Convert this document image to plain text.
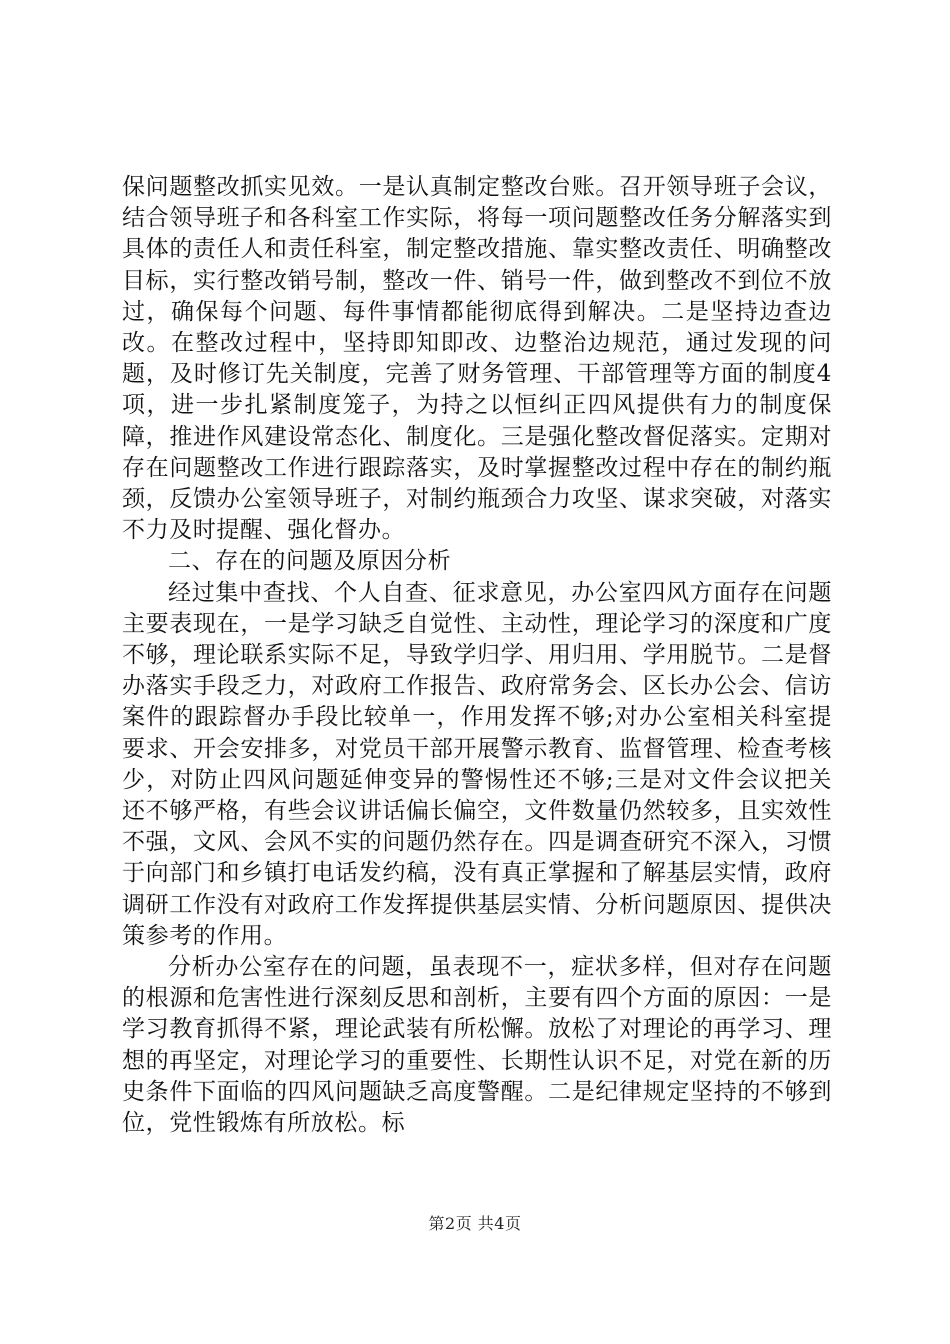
保问题整改抓实见效。一是认真制定整改台账。召开领导班子会议，结合领导班子和各科室工作实际，将每一项问题整改任务分解落实到具体的责任人和责任科室，制定整改措施、靠实整改责任、明确整改目标，实行整改销号制，整改一件、销号一件，做到整改不到位不放过，确保每个问题、每件事情都能彻底得到解决。二是坚持边查边改。在整改过程中，坚持即知即改、边整治边规范，通过发现的问题，及时修订先关制度，完善了财务管理、干部管理等方面的制度4项，进一步扎紧制度笼子，为持之以恒纠正四风提供有力的制度保障，推进作风建设常态化、制度化。三是强化整改督促落实。定期对存在问题整改工作进行跟踪落实，及时掌握整改过程中存在的制约瓶颈，反馈办公室领导班子，对制约瓶颈合力攻坚、谋求突破，对落实不力及时提醒、强化督办。

二、存在的问题及原因分析

经过集中查找、个人自查、征求意见，办公室四风方面存在问题主要表现在，一是学习缺乏自觉性、主动性，理论学习的深度和广度不够，理论联系实际不足，导致学归学、用归用、学用脱节。二是督办落实手段乏力，对政府工作报告、政府常务会、区长办公会、信访案件的跟踪督办手段比较单一，作用发挥不够;对办公室相关科室提要求、开会安排多，对党员干部开展警示教育、监督管理、检查考核少，对防止四风问题延伸变异的警惕性还不够;三是对文件会议把关还不够严格，有些会议讲话偏长偏空，文件数量仍然较多，且实效性不强，文风、会风不实的问题仍然存在。四是调查研究不深入，习惯于向部门和乡镇打电话发约稿，没有真正掌握和了解基层实情，政府调研工作没有对政府工作发挥提供基层实情、分析问题原因、提供决策参考的作用。

分析办公室存在的问题，虽表现不一，症状多样，但对存在问题的根源和危害性进行深刻反思和剖析，主要有四个方面的原因：一是学习教育抓得不紧，理论武装有所松懈。放松了对理论的再学习、理想的再坚定，对理论学习的重要性、长期性认识不足，对党在新的历史条件下面临的四风问题缺乏高度警醒。二是纪律规定坚持的不够到位，党性锻炼有所放松。标

第2页 共4页
